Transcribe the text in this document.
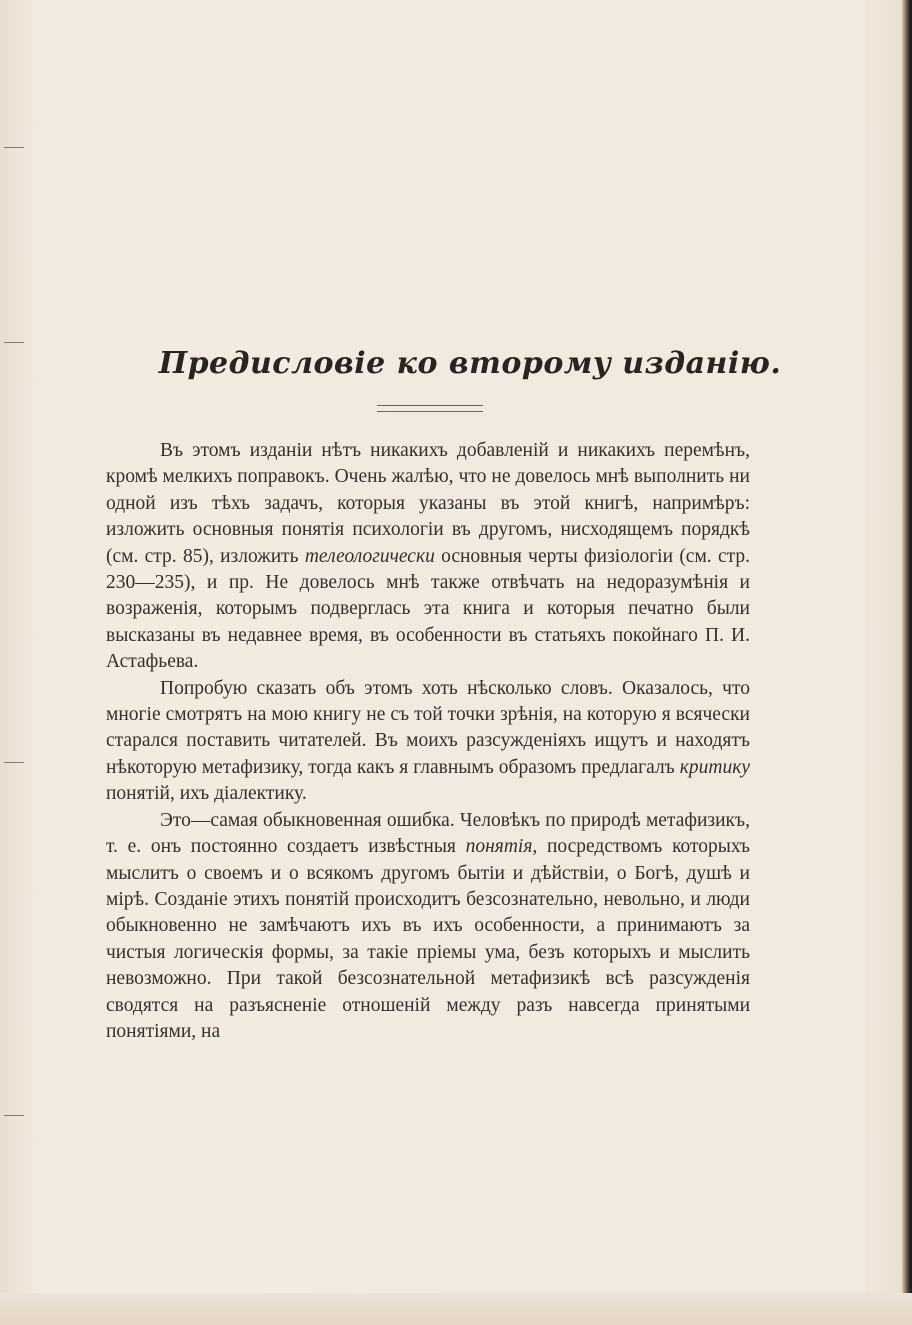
Предисловіе ко второму изданію.

Въ этомъ изданіи нѣтъ никакихъ добавленій и никакихъ перемѣнъ, кромѣ мелкихъ поправокъ. Очень жалѣю, что не довелось мнѣ выполнить ни одной изъ тѣхъ задачъ, которыя указаны въ этой книгѣ, напримѣръ: изложить основныя понятія психологіи въ другомъ, нисходящемъ порядкѣ (см. стр. 85), изложить телеологически основныя черты физіологіи (см. стр. 230—235), и пр. Не довелось мнѣ также отвѣчать на недоразумѣнія и возраженія, которымъ подверглась эта книга и которыя печатно были высказаны въ недавнее время, въ особенности въ статьяхъ покойнаго П. И. Астафьева.

Попробую сказать объ этомъ хоть нѣсколько словъ. Оказалось, что многіе смотрятъ на мою книгу не съ той точки зрѣнія, на которую я всячески старался поставить читателей. Въ моихъ разсужденіяхъ ищутъ и находятъ нѣкоторую метафизику, тогда какъ я главнымъ образомъ предлагалъ критику понятій, ихъ діалектику.

Это—самая обыкновенная ошибка. Человѣкъ по природѣ метафизикъ, т. е. онъ постоянно создаетъ извѣстныя понятія, посредствомъ которыхъ мыслитъ о своемъ и о всякомъ другомъ бытіи и дѣйствіи, о Богѣ, душѣ и мірѣ. Созданіе этихъ понятій происходитъ безсознательно, невольно, и люди обыкновенно не замѣчаютъ ихъ въ ихъ особенности, а принимаютъ за чистыя логическія формы, за такіе пріемы ума, безъ которыхъ и мыслить невозможно. При такой безсознательной метафизикѣ всѣ разсужденія сводятся на разъясненіе отношеній между разъ навсегда принятыми понятіями, на
